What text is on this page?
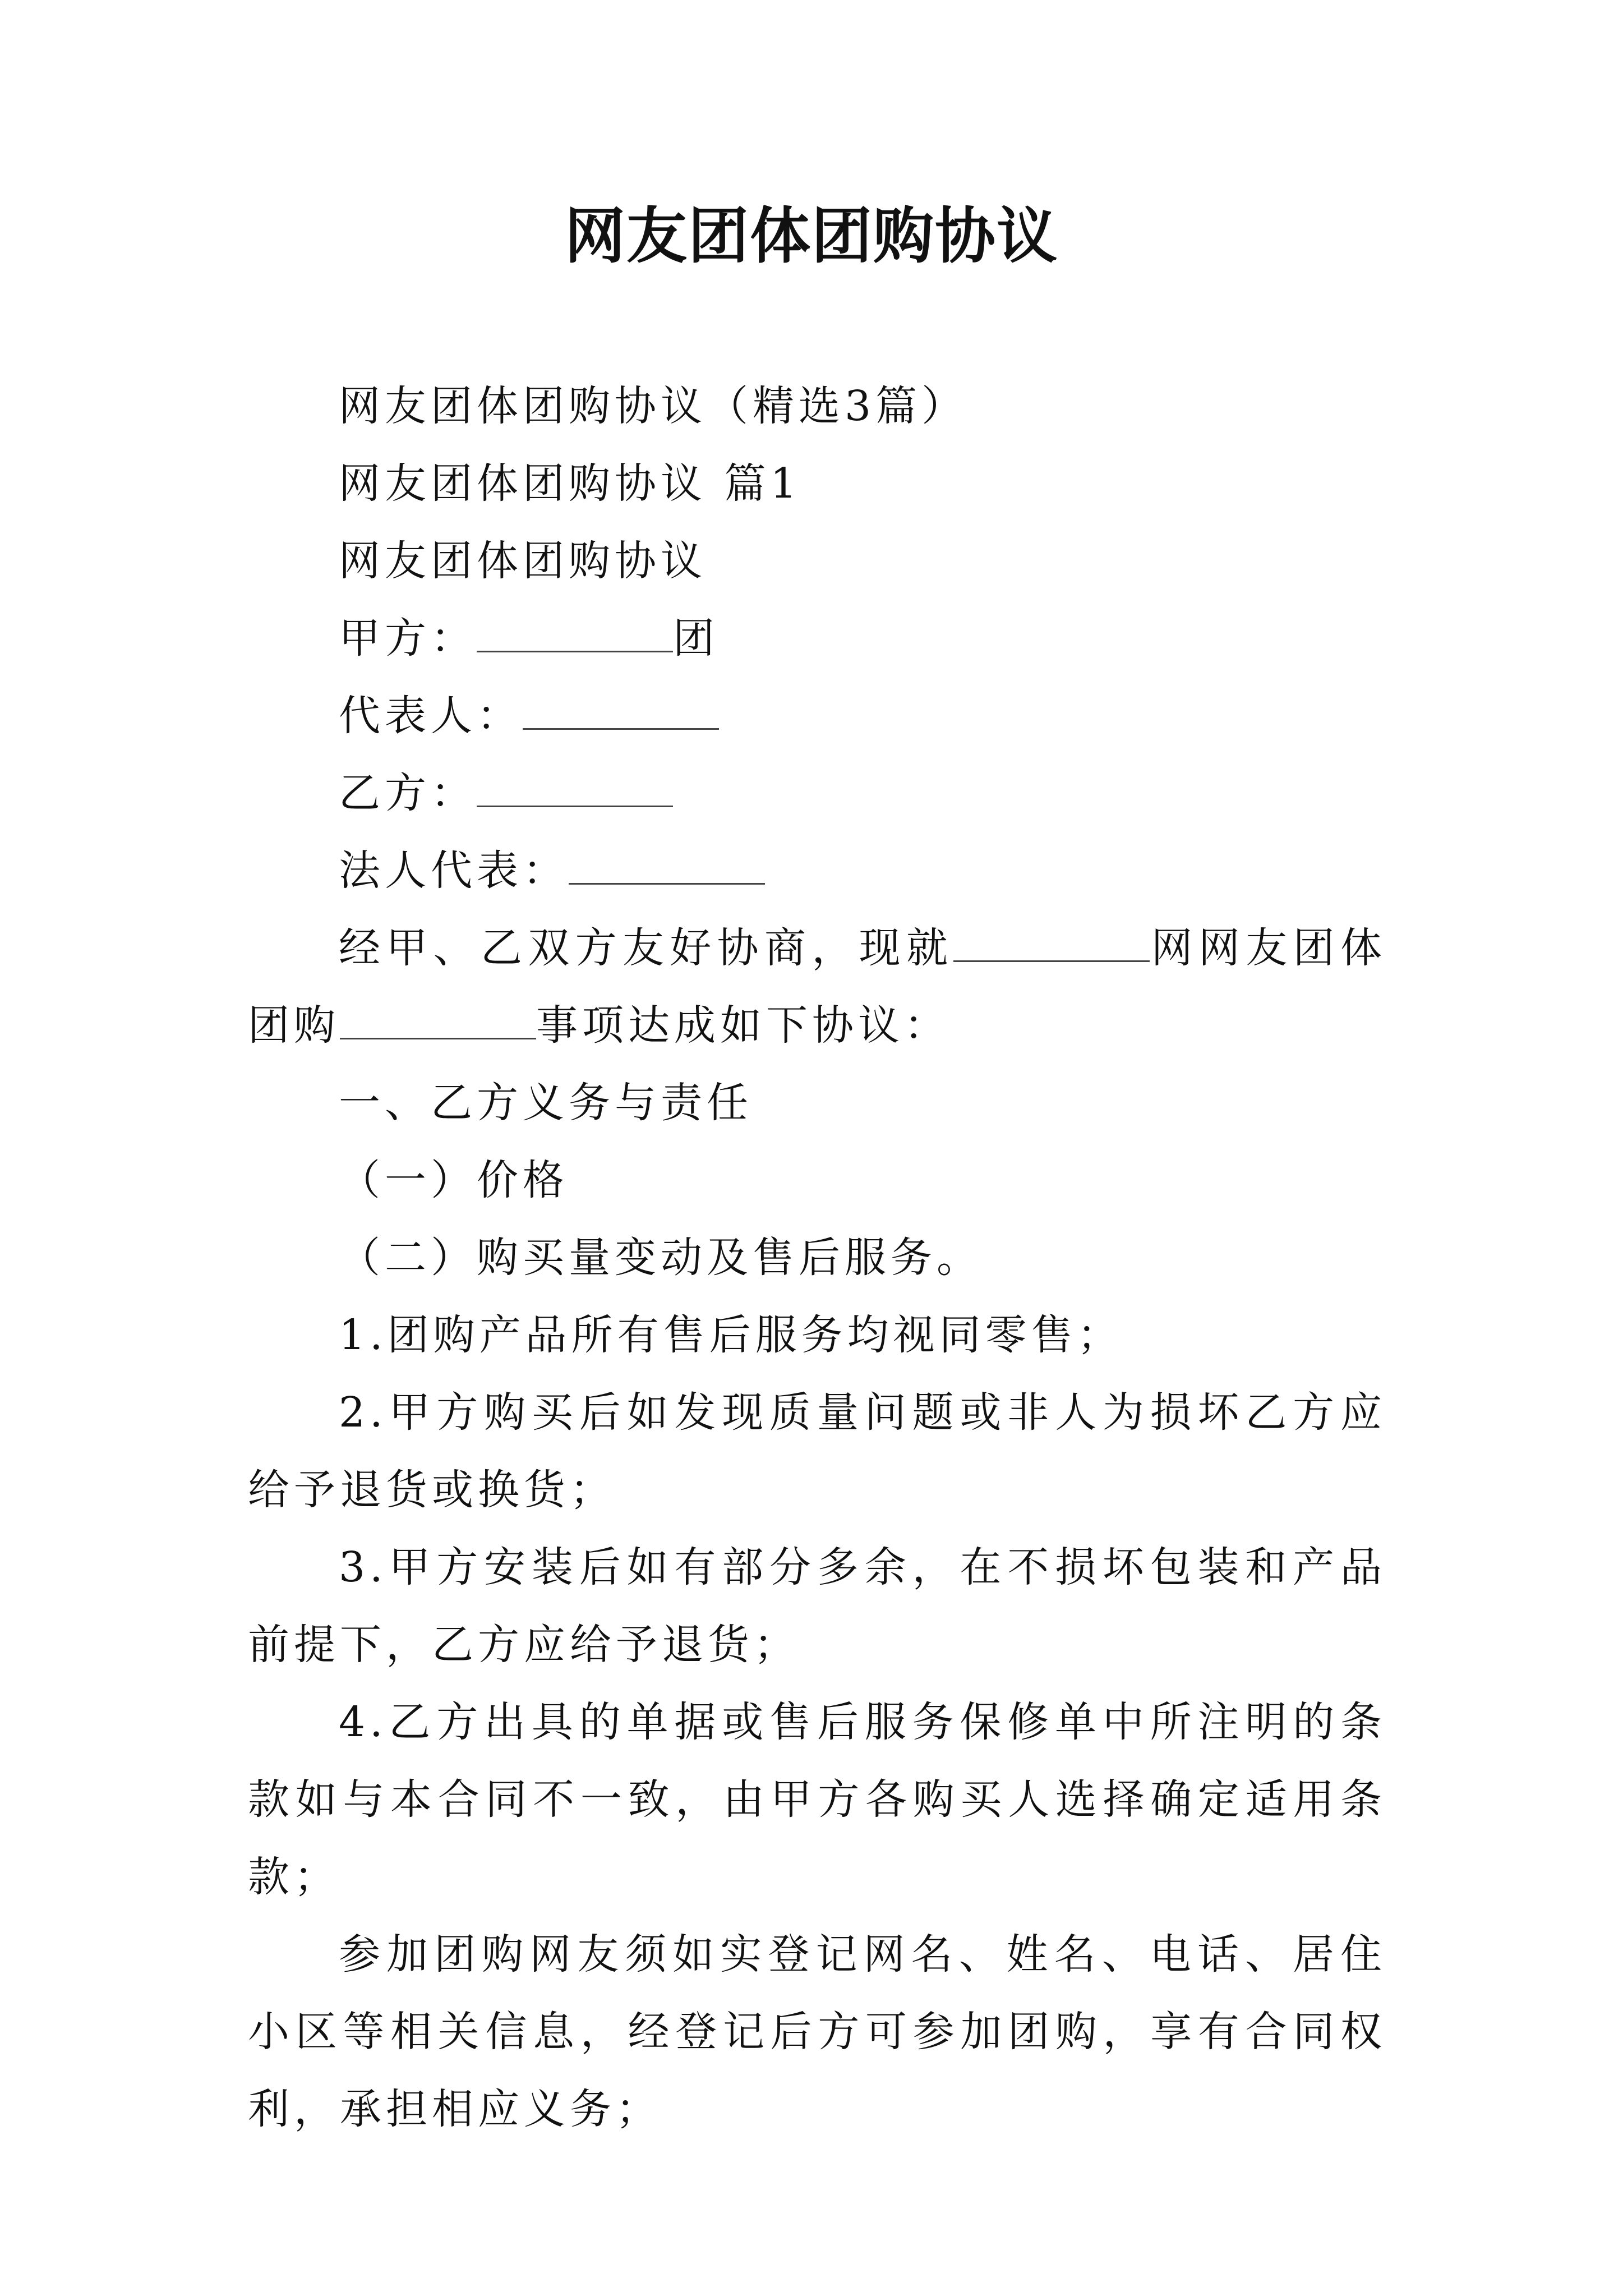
网友团体团购协议

网友团体团购协议（精选3篇）

网友团体团购协议 篇1

网友团体团购协议

甲方：	团

代表人：

乙方：

法人代表：

经甲、乙双方友好协商，现就	网网友团体团购	事项达成如下协议：

一、乙方义务与责任

（一）价格

（二）购买量变动及售后服务。

1.团购产品所有售后服务均视同零售；

2.甲方购买后如发现质量问题或非人为损坏乙方应给予退货或换货；

3.甲方安装后如有部分多余，在不损坏包装和产品前提下，乙方应给予退货；

4.乙方出具的单据或售后服务保修单中所注明的条款如与本合同不一致，由甲方各购买人选择确定适用条款；

参加团购网友须如实登记网名、姓名、电话、居住小区等相关信息，经登记后方可参加团购，享有合同权利，承担相应义务；
